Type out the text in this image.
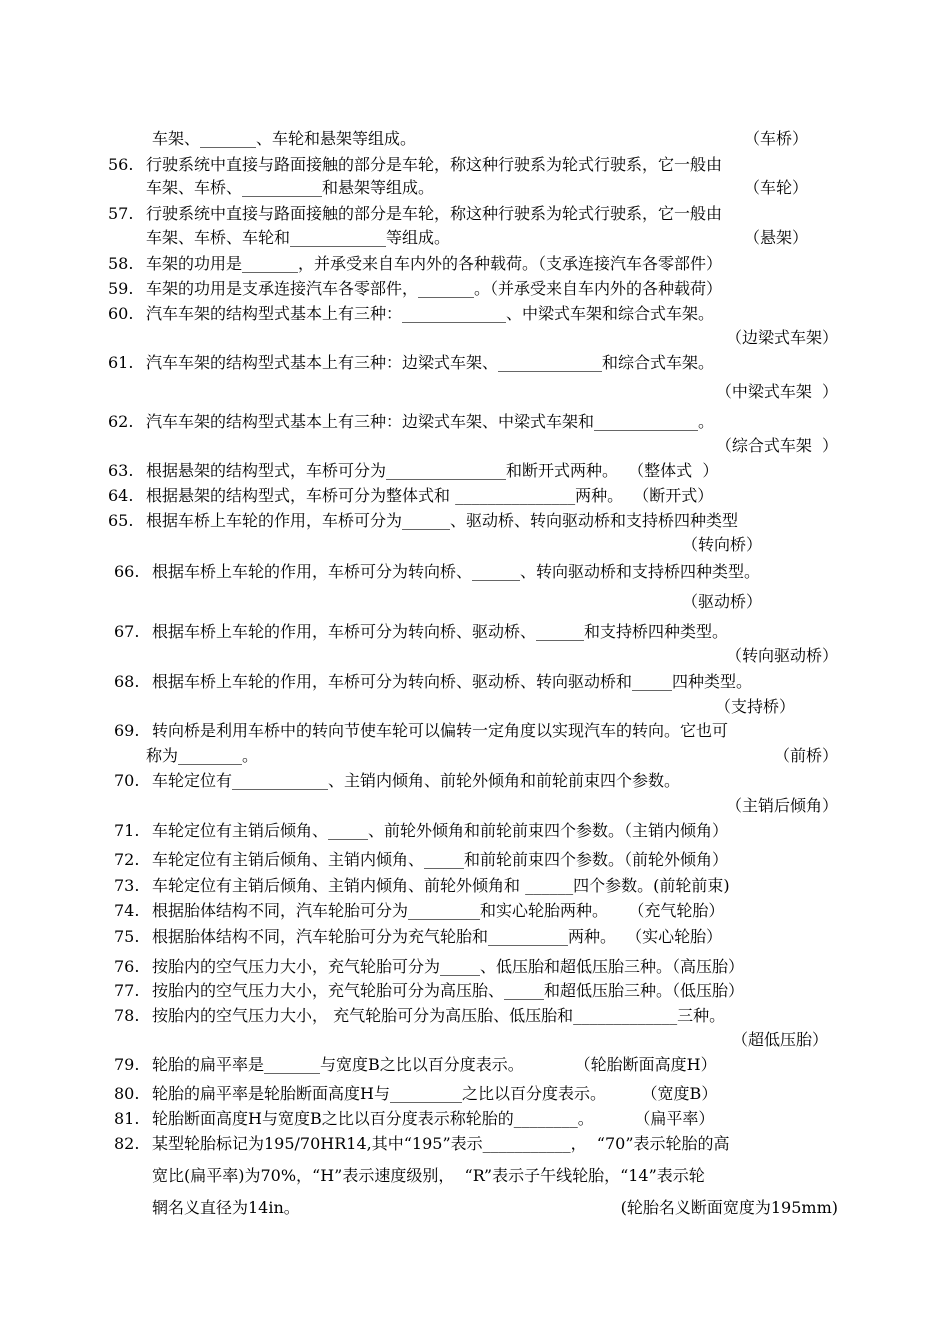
车架、_______、车轮和悬架等组成。	（车桥）
56. 行驶系统中直接与路面接触的部分是车轮，称这种行驶系为轮式行驶系，它一般由
车架、车桥、__________和悬架等组成。	（车轮）
57. 行驶系统中直接与路面接触的部分是车轮，称这种行驶系为轮式行驶系，它一般由
车架、车桥、车轮和____________等组成。	（悬架）
58. 车架的功用是_______，并承受来自车内外的各种载荷。（支承连接汽车各零部件）
59. 车架的功用是支承连接汽车各零部件，_______。（并承受来自车内外的各种载荷）
60. 汽车车架的结构型式基本上有三种：_____________、中梁式车架和综合式车架。
（边梁式车架）
61. 汽车车架的结构型式基本上有三种：边梁式车架、_____________和综合式车架。
（中梁式车架  ）
62. 汽车车架的结构型式基本上有三种：边梁式车架、中梁式车架和_____________。
（综合式车架  ）
63. 根据悬架的结构型式，车桥可分为_______________和断开式两种。  （整体式  ）
64. 根据悬架的结构型式，车桥可分为整体式和 _______________两种。  （断开式）
65. 根据车桥上车轮的作用，车桥可分为______、驱动桥、转向驱动桥和支持桥四种类型
（转向桥）
66. 根据车桥上车轮的作用，车桥可分为转向桥、______、转向驱动桥和支持桥四种类型。
（驱动桥）
67. 根据车桥上车轮的作用，车桥可分为转向桥、驱动桥、______和支持桥四种类型。
（转向驱动桥）
68. 根据车桥上车轮的作用，车桥可分为转向桥、驱动桥、转向驱动桥和_____四种类型。
（支持桥）
69. 转向桥是利用车桥中的转向节使车轮可以偏转一定角度以实现汽车的转向。它也可
称为________。	（前桥）
70. 车轮定位有____________、主销内倾角、前轮外倾角和前轮前束四个参数。
（主销后倾角）
71. 车轮定位有主销后倾角、_____、前轮外倾角和前轮前束四个参数。（主销内倾角）
72. 车轮定位有主销后倾角、主销内倾角、_____和前轮前束四个参数。（前轮外倾角）
73. 车轮定位有主销后倾角、主销内倾角、前轮外倾角和 ______四个参数。(前轮前束)
74. 根据胎体结构不同，汽车轮胎可分为_________和实心轮胎两种。    （充气轮胎）
75. 根据胎体结构不同，汽车轮胎可分为充气轮胎和__________两种。  （实心轮胎）
76. 按胎内的空气压力大小，充气轮胎可分为_____、低压胎和超低压胎三种。（高压胎）
77. 按胎内的空气压力大小，充气轮胎可分为高压胎、_____和超低压胎三种。（低压胎）
78. 按胎内的空气压力大小， 充气轮胎可分为高压胎、低压胎和_____________三种。
（超低压胎）
79. 轮胎的扁平率是_______与宽度B之比以百分度表示。          （轮胎断面高度H）
80. 轮胎的扁平率是轮胎断面高度H与_________之比以百分度表示。       （宽度B）
81. 轮胎断面高度H与宽度B之比以百分度表示称轮胎的________。        （扁平率）
82. 某型轮胎标记为195/70HR14,其中“195”表示___________，  “70”表示轮胎的高
宽比(扁平率)为70%，“H”表示速度级别，  “R”表示子午线轮胎，“14”表示轮
辋名义直径为14in。	(轮胎名义断面宽度为195mm)
